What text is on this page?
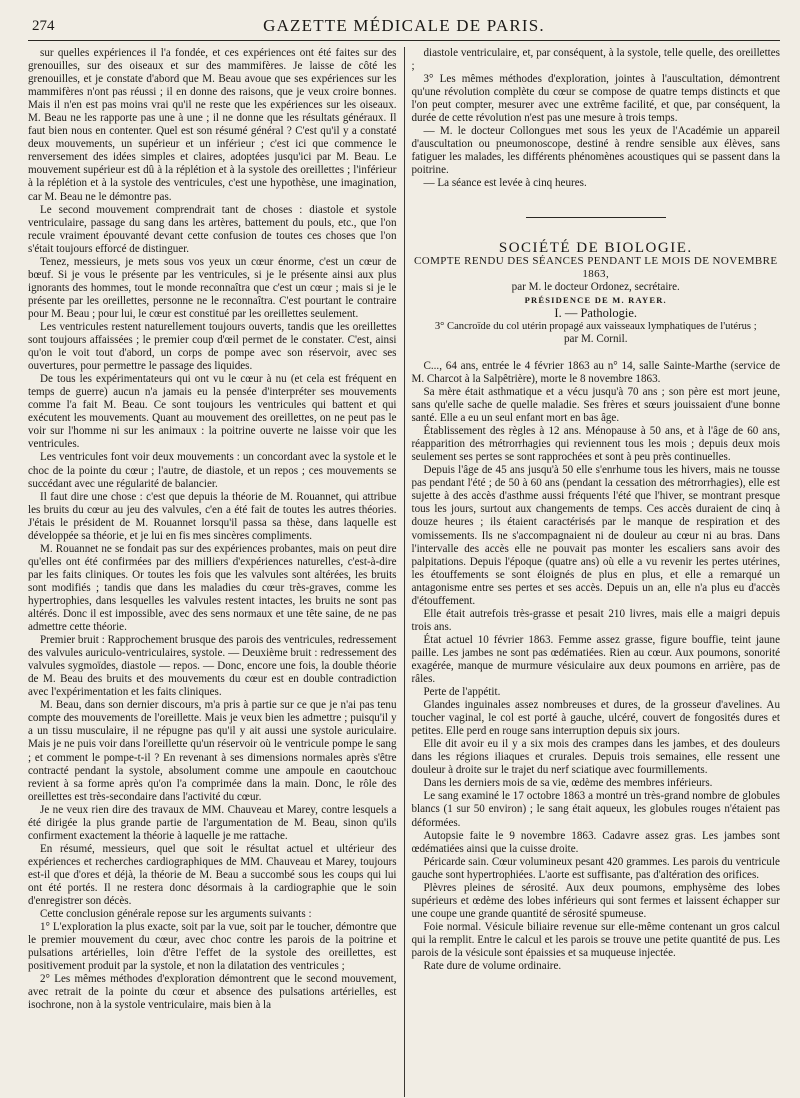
274	GAZETTE MÉDICALE DE PARIS.

sur quelles expériences il l'a fondée, et ces expériences ont été faites sur des grenouilles, sur des oiseaux et sur des mammifères. Je laisse de côté les grenouilles, et je constate d'abord que M. Beau avoue que ses expériences sur les mammifères n'ont pas réussi ; il en donne des raisons, que je veux croire bonnes. Mais il n'en est pas moins vrai qu'il ne reste que les expériences sur les oiseaux. M. Beau ne les rapporte pas une à une ; il ne donne que les résultats généraux. Il faut bien nous en contenter. Quel est son résumé général ? C'est qu'il y a constaté deux mouvements, un supérieur et un inférieur ; c'est ici que commence le renversement des idées simples et claires, adoptées jusqu'ici par M. Beau. Le mouvement supérieur est dû à la réplétion et à la systole des oreillettes ; l'inférieur à la réplétion et à la systole des ventricules, c'est une hypothèse, une imagination, car M. Beau ne le démontre pas.

Le second mouvement comprendrait tant de choses : diastole et systole ventriculaire, passage du sang dans les artères, battement du pouls, etc., que l'on recule vraiment épouvanté devant cette confusion de toutes ces choses que l'on s'était toujours efforcé de distinguer.

Tenez, messieurs, je mets sous vos yeux un cœur énorme, c'est un cœur de bœuf. Si je vous le présente par les ventricules, si je le présente ainsi aux plus ignorants des hommes, tout le monde reconnaîtra que c'est un cœur ; mais si je le présente par les oreillettes, personne ne le reconnaîtra. C'est pourtant le contraire pour M. Beau ; pour lui, le cœur est constitué par les oreillettes seulement.

Les ventricules restent naturellement toujours ouverts, tandis que les oreillettes sont toujours affaissées ; le premier coup d'œil permet de le constater. C'est, ainsi qu'on le voit tout d'abord, un corps de pompe avec son réservoir, avec ses ouvertures, pour permettre le passage des liquides.

De tous les expérimentateurs qui ont vu le cœur à nu (et cela est fréquent en temps de guerre) aucun n'a jamais eu la pensée d'interpréter ses mouvements comme l'a fait M. Beau. Ce sont toujours les ventricules qui battent et qui exécutent les mouvements. Quant au mouvement des oreillettes, on ne peut pas le voir sur l'homme ni sur les animaux : la poitrine ouverte ne laisse voir que les ventricules.

Les ventricules font voir deux mouvements : un concordant avec la systole et le choc de la pointe du cœur ; l'autre, de diastole, et un repos ; ces mouvements se succédant avec une régularité de balancier.

Il faut dire une chose : c'est que depuis la théorie de M. Rouannet, qui attribue les bruits du cœur au jeu des valvules, c'en a été fait de toutes les autres théories. J'étais le président de M. Rouannet lorsqu'il passa sa thèse, dans laquelle est développée sa théorie, et je lui en fis mes sincères compliments.

M. Rouannet ne se fondait pas sur des expériences probantes, mais on peut dire qu'elles ont été confirmées par des milliers d'expériences naturelles, c'est-à-dire par les faits cliniques. Or toutes les fois que les valvules sont altérées, les bruits sont modifiés ; tandis que dans les maladies du cœur très-graves, comme les hypertrophies, dans lesquelles les valvules restent intactes, les bruits ne sont pas altérés. Donc il est impossible, avec des sens normaux et une tête saine, de ne pas admettre cette théorie.

Premier bruit : Rapprochement brusque des parois des ventricules, redressement des valvules auriculo-ventriculaires, systole. — Deuxième bruit : redressement des valvules sygmoïdes, diastole — repos. — Donc, encore une fois, la double théorie de M. Beau des bruits et des mouvements du cœur est en double contradiction avec l'expérimentation et les faits cliniques.

M. Beau, dans son dernier discours, m'a pris à partie sur ce que je n'ai pas tenu compte des mouvements de l'oreillette. Mais je veux bien les admettre ; puisqu'il y a un tissu musculaire, il ne répugne pas qu'il y ait aussi une systole auriculaire. Mais je ne puis voir dans l'oreillette qu'un réservoir où le ventricule pompe le sang ; et comment le pompe-t-il ? En revenant à ses dimensions normales après s'être contracté pendant la systole, absolument comme une ampoule en caoutchouc revient à sa forme après qu'on l'a comprimée dans la main. Donc, le rôle des oreillettes est très-secondaire dans l'activité du cœur.

Je ne veux rien dire des travaux de MM. Chauveau et Marey, contre lesquels a été dirigée la plus grande partie de l'argumentation de M. Beau, sinon qu'ils confirment exactement la théorie à laquelle je me rattache.

En résumé, messieurs, quel que soit le résultat actuel et ultérieur des expériences et recherches cardiographiques de MM. Chauveau et Marey, toujours est-il que d'ores et déjà, la théorie de M. Beau a succombé sous les coups qui lui ont été portés. Il ne restera donc désormais à la cardiographie que le soin d'enregistrer son décès.

Cette conclusion générale repose sur les arguments suivants :

1° L'exploration la plus exacte, soit par la vue, soit par le toucher, démontre que le premier mouvement du cœur, avec choc contre les parois de la poitrine et pulsations artérielles, loin d'être l'effet de la systole des oreillettes, est positivement produit par la systole, et non la dilatation des ventricules ;

2° Les mêmes méthodes d'exploration démontrent que le second mouvement, avec retrait de la pointe du cœur et absence des pulsations artérielles, est isochrone, non à la systole ventriculaire, mais bien à la

diastole ventriculaire, et, par conséquent, à la systole, telle quelle, des oreillettes ;

3° Les mêmes méthodes d'exploration, jointes à l'auscultation, démontrent qu'une révolution complète du cœur se compose de quatre temps distincts et que l'on peut compter, mesurer avec une extrême facilité, et que, par conséquent, la durée de cette révolution n'est pas une mesure à trois temps.

— M. le docteur Collongues met sous les yeux de l'Académie un appareil d'auscultation ou pneumonoscope, destiné à rendre sensible aux élèves, sans fatiguer les malades, les différents phénomènes acoustiques qui se passent dans la poitrine.

— La séance est levée à cinq heures.

SOCIÉTÉ DE BIOLOGIE.

COMPTE RENDU DES SÉANCES PENDANT LE MOIS DE NOVEMBRE 1863,

par M. le docteur Ordonez, secrétaire.

PRÉSIDENCE DE M. RAYER.

I. — Pathologie.

3° Cancroïde du col utérin propagé aux vaisseaux lymphatiques de l'utérus ;

par M. Cornil.

C..., 64 ans, entrée le 4 février 1863 au n° 14, salle Sainte-Marthe (service de M. Charcot à la Salpêtrière), morte le 8 novembre 1863.

Sa mère était asthmatique et a vécu jusqu'à 70 ans ; son père est mort jeune, sans qu'elle sache de quelle maladie. Ses frères et sœurs jouissaient d'une bonne santé. Elle a eu un seul enfant mort en bas âge.

Établissement des règles à 12 ans. Ménopause à 50 ans, et à l'âge de 60 ans, réapparition des métrorrhagies qui reviennent tous les mois ; depuis deux mois seulement ses pertes se sont rapprochées et sont à peu près continuelles.

Depuis l'âge de 45 ans jusqu'à 50 elle s'enrhume tous les hivers, mais ne tousse pas pendant l'été ; de 50 à 60 ans (pendant la cessation des métrorrhagies), elle est sujette à des accès d'asthme aussi fréquents l'été que l'hiver, se montrant presque tous les jours, surtout aux changements de temps. Ces accès duraient de cinq à douze heures ; ils étaient caractérisés par le manque de respiration et des vomissements. Ils ne s'accompagnaient ni de douleur au cœur ni au bras. Dans l'intervalle des accès elle ne pouvait pas monter les escaliers sans avoir des palpitations. Depuis l'époque (quatre ans) où elle a vu revenir les pertes utérines, les étouffements se sont éloignés de plus en plus, et elle a remarqué un antagonisme entre ses pertes et ses accès. Depuis un an, elle n'a plus eu d'accès d'étouffement.

Elle était autrefois très-grasse et pesait 210 livres, mais elle a maigri depuis trois ans.

État actuel 10 février 1863. Femme assez grasse, figure bouffie, teint jaune paille. Les jambes ne sont pas œdématiées. Rien au cœur. Aux poumons, sonorité exagérée, manque de murmure vésiculaire aux deux poumons en arrière, pas de râles.

Perte de l'appétit.

Glandes inguinales assez nombreuses et dures, de la grosseur d'avelines. Au toucher vaginal, le col est porté à gauche, ulcéré, couvert de fongosités dures et petites. Elle perd en rouge sans interruption depuis six jours.

Elle dit avoir eu il y a six mois des crampes dans les jambes, et des douleurs dans les régions iliaques et crurales. Depuis trois semaines, elle ressent une douleur à droite sur le trajet du nerf sciatique avec fourmillements.

Dans les derniers mois de sa vie, œdème des membres inférieurs.

Le sang examiné le 17 octobre 1863 a montré un très-grand nombre de globules blancs (1 sur 50 environ) ; le sang était aqueux, les globules rouges n'étaient pas déformées.

Autopsie faite le 9 novembre 1863. Cadavre assez gras. Les jambes sont œdématiées ainsi que la cuisse droite.

Péricarde sain. Cœur volumineux pesant 420 grammes. Les parois du ventricule gauche sont hypertrophiées. L'aorte est suffisante, pas d'altération des orifices.

Plèvres pleines de sérosité. Aux deux poumons, emphysème des lobes supérieurs et œdème des lobes inférieurs qui sont fermes et laissent échapper sur une coupe une grande quantité de sérosité spumeuse.

Foie normal. Vésicule biliaire revenue sur elle-même contenant un gros calcul qui la remplit. Entre le calcul et les parois se trouve une petite quantité de pus. Les parois de la vésicule sont épaissies et sa muqueuse injectée.

Rate dure de volume ordinaire.
